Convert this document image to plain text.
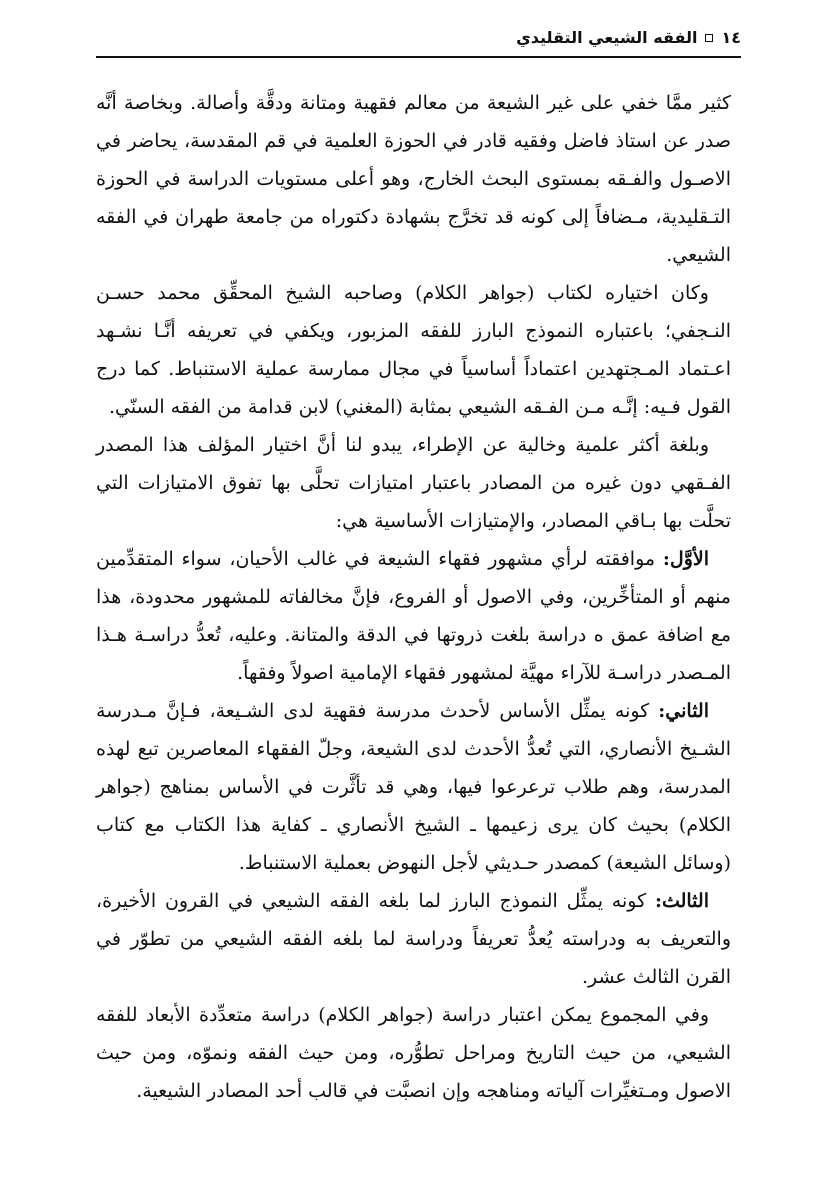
١٤
الفقه الشيعي التقليدي

كثير ممَّا خفي على غير الشيعة من معالم فقهية ومتانة ودقَّة وأصالة. وبخاصة أنَّه صدر عن استاذ فاضل وفقيه قادر في الحوزة العلمية في قم المقدسة، يحاضر في الاصـول والفـقه بمستوى البحث الخارج، وهو أعلى مستويات الدراسة في الحوزة التـقليدية، مـضافاً إلى كونه قد تخرَّج بشهادة دكتوراه من جامعة طهران في الفقه الشيعي.

وكان اختياره لكتاب (جواهر الكلام) وصاحبه الشيخ المحقِّق محمد حسـن النـجفي؛ باعتباره النموذج البارز للفقه المزبور، ويكفي في تعريفه أنَّـا نشـهد اعـتماد المـجتهدين اعتماداً أساسياً في مجال ممارسة عملية الاستنباط. كما درج القول فـيه: إنَّـه مـن الفـقه الشيعي بمثابة (المغني) لابن قدامة من الفقه السنّي.

وبلغة أكثر علمية وخالية عن الإطراء، يبدو لنا أنَّ اختيار المؤلف هذا المصدر الفـقهي دون غيره من المصادر باعتبار امتيازات تحلَّى بها تفوق الامتيازات التي تحلَّت بها بـاقي المصادر، والإمتيازات الأساسية هي:

الأوَّل: موافقته لرأي مشهور فقهاء الشيعة في غالب الأحيان، سواء المتقدِّمين منهم أو المتأخِّرين، وفي الاصول أو الفروع، فإنَّ مخالفاته للمشهور محدودة، هذا مع اضافة عمق ه دراسة بلغت ذروتها في الدقة والمتانة. وعليه، تُعدُّ دراسـة هـذا المـصدر دراسـة للآراء مهيَّة لمشهور فقهاء الإمامية اصولاً وفقهاً.

الثاني: كونه يمثِّل الأساس لأحدث مدرسة فقهية لدى الشـيعة، فـإنَّ مـدرسة الشـيخ الأنصاري، التي تُعدُّ الأحدث لدى الشيعة، وجلّ الفقهاء المعاصرين تبع لهذه المدرسة، وهم طلاب ترعرعوا فيها، وهي قد تأثَّرت في الأساس بمناهج (جواهر الكلام) بحيث كان يرى زعيمها ـ الشيخ الأنصاري ـ كفاية هذا الكتاب مع كتاب (وسائل الشيعة) كمصدر حـديثي لأجل النهوض بعملية الاستنباط.

الثالث: كونه يمثِّل النموذج البارز لما بلغه الفقه الشيعي في القرون الأخيرة، والتعريف به ودراسته يُعدُّ تعريفاً ودراسة لما بلغه الفقه الشيعي من تطوّر في القرن الثالث عشر.

وفي المجموع يمكن اعتبار دراسة (جواهر الكلام) دراسة متعدِّدة الأبعاد للفقه الشيعي، من حيث التاريخ ومراحل تطوُّره، ومن حيث الفقه ونموّه، ومن حيث الاصول ومـتغيِّرات آلياته ومناهجه وإن انصبَّت في قالب أحد المصادر الشيعية.
